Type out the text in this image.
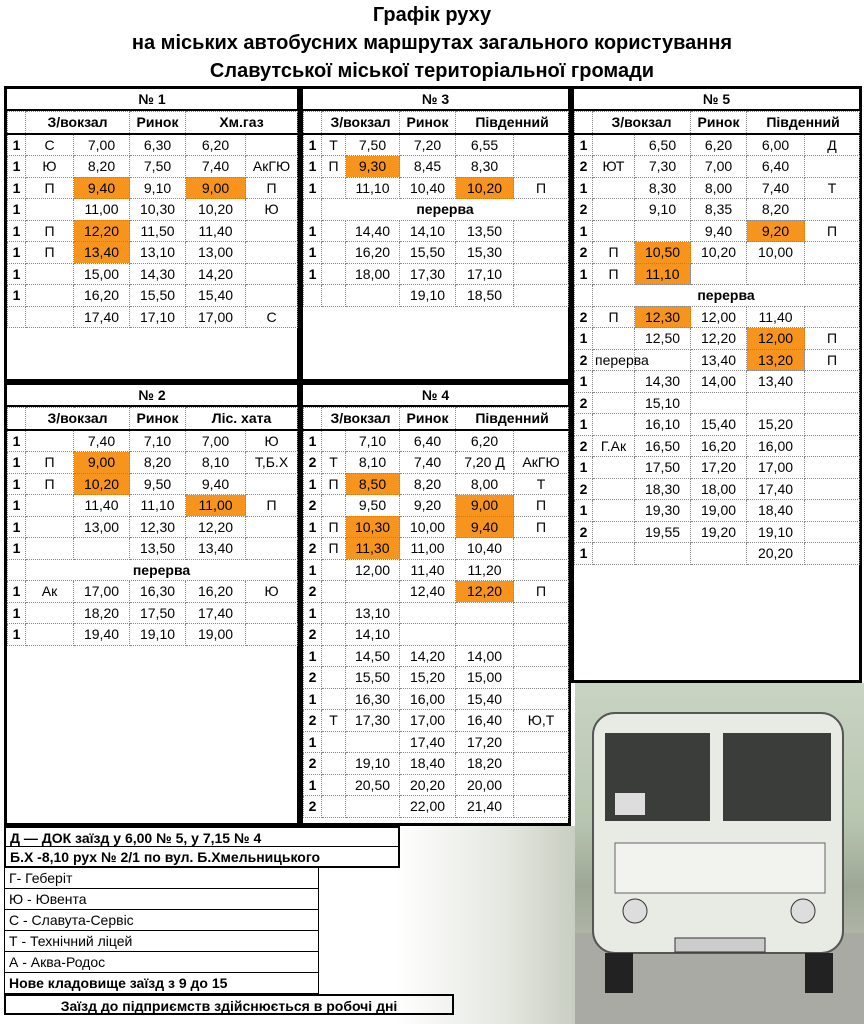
Графік руху
на міських автобусних маршрутах загального користування
Славутської міської територіальної громади
№ 1
	З/вокзал		Ринок	Хм.газ	
1	С	7,00	6,30	6,20	
1	Ю	8,20	7,50	7,40	АкГЮ
1	П	9,40	9,10	9,00	П
1		11,00	10,30	10,20	Ю
1	П	12,20	11,50	11,40	
1	П	13,40	13,10	13,00	
1		15,00	14,30	14,20	
1		16,20	15,50	15,40	
		17,40	17,10	17,00	С
№ 3
	З/вокзал		Ринок	Південний	
1	Т	7,50	7,20	6,55	
1	П	9,30	8,45	8,30	
1		11,10	10,40	10,20	П
	перерва				
1		14,40	14,10	13,50	
1		16,20	15,50	15,30	
1		18,00	17,30	17,10	
			19,10	18,50	
№ 5
	З/вокзал		Ринок	Південний	
1		6,50	6,20	6,00	Д
2	ЮТ	7,30	7,00	6,40	
1		8,30	8,00	7,40	Т
2		9,10	8,35	8,20	
1			9,40	9,20	П
2	П	10,50	10,20	10,00	
1	П	11,10			
	перерва				
2	П	12,30	12,00	11,40	
1		12,50	12,20	12,00	П
2	перерва		13,40	13,20	П
1		14,30	14,00	13,40	
2		15,10			
1		16,10	15,40	15,20	
2	Г.Ак	16,50	16,20	16,00	
1		17,50	17,20	17,00	
2		18,30	18,00	17,40	
1		19,30	19,00	18,40	
2		19,55	19,20	19,10	
1				20,20	
№ 2
	З/вокзал		Ринок	Ліс. хата	
1		7,40	7,10	7,00	Ю
1	П	9,00	8,20	8,10	Т,Б.Х
1	П	10,20	9,50	9,40	
1		11,40	11,10	11,00	П
1		13,00	12,30	12,20	
1			13,50	13,40	
	перерва				
1	Ак	17,00	16,30	16,20	Ю
1		18,20	17,50	17,40	
1		19,40	19,10	19,00	
№ 4
	З/вокзал		Ринок	Південний	
1		7,10	6,40	6,20	
2	Т	8,10	7,40	7,20 Д	АкГЮ
1	П	8,50	8,20	8,00	Т
2		9,50	9,20	9,00	П
1	П	10,30	10,00	9,40	П
2	П	11,30	11,00	10,40	
1		12,00	11,40	11,20	
2			12,40	12,20	П
1		13,10			
2		14,10			
1		14,50	14,20	14,00	
2		15,50	15,20	15,00	
1		16,30	16,00	15,40	
2	Т	17,30	17,00	16,40	Ю,Т
1			17,40	17,20	
2		19,10	18,40	18,20	
1		20,50	20,20	20,00	
2			22,00	21,40	
Д — ДОК заїзд у 6,00 № 5, у 7,15 № 4
Б.Х -8,10 рух № 2/1 по вул. Б.Хмельницького
Г- Геберіт
Ю - Ювента
С - Славута-Сервіс
Т - Технічний ліцей
А - Аква-Родос
Нове кладовище заїзд з 9 до 15
Заїзд до підприємств здійснюється в робочі дні
